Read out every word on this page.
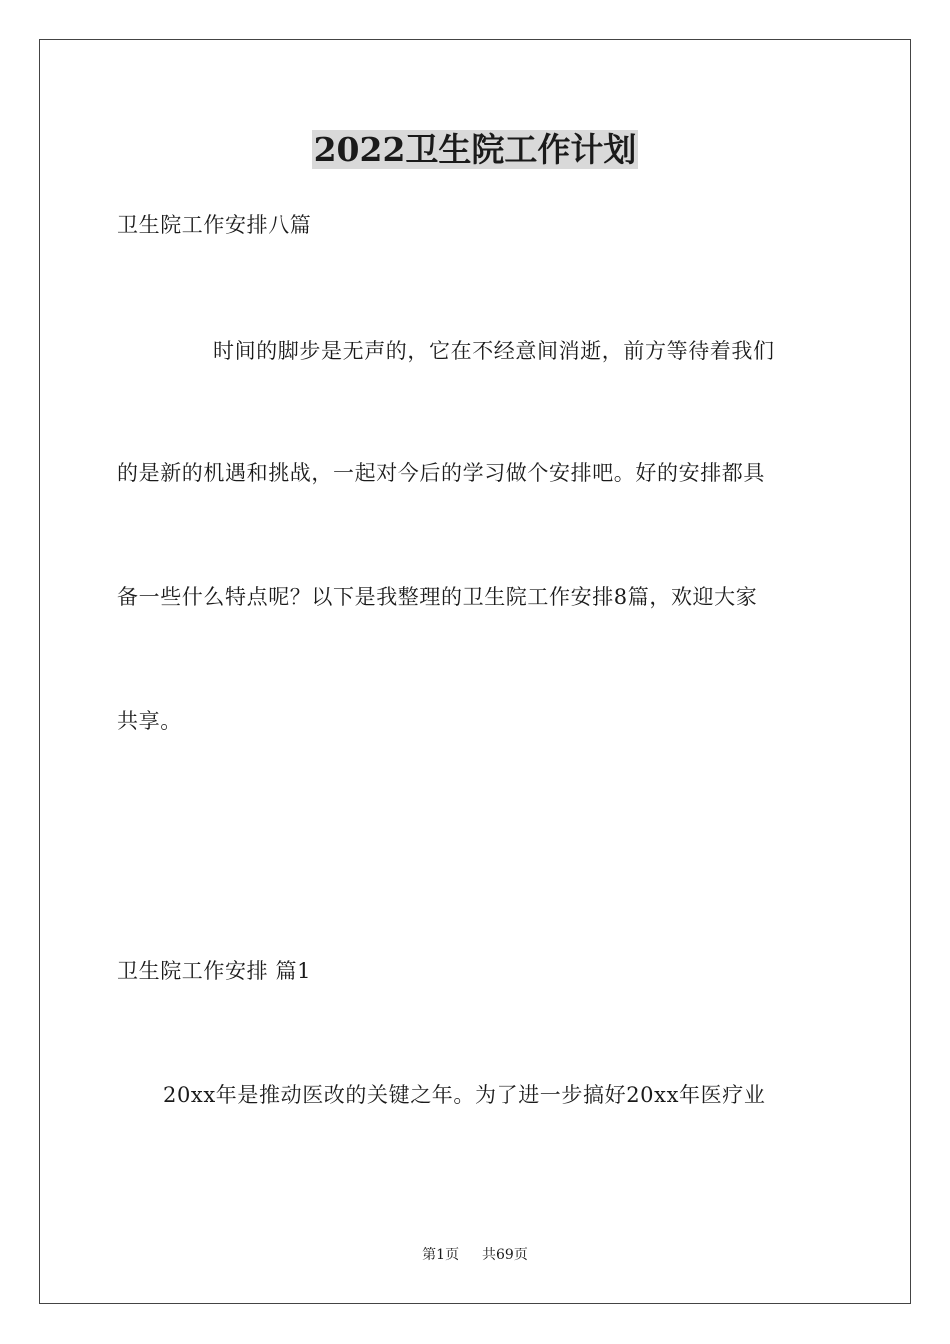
2022卫生院工作计划
卫生院工作安排八篇
时间的脚步是无声的，它在不经意间消逝，前方等待着我们
的是新的机遇和挑战，一起对今后的学习做个安排吧。好的安排都具
备一些什么特点呢？以下是我整理的卫生院工作安排8篇，欢迎大家
共享。
卫生院工作安排 篇1
20xx年是推动医改的关键之年。为了进一步搞好20xx年医疗业
第1页 共69页
